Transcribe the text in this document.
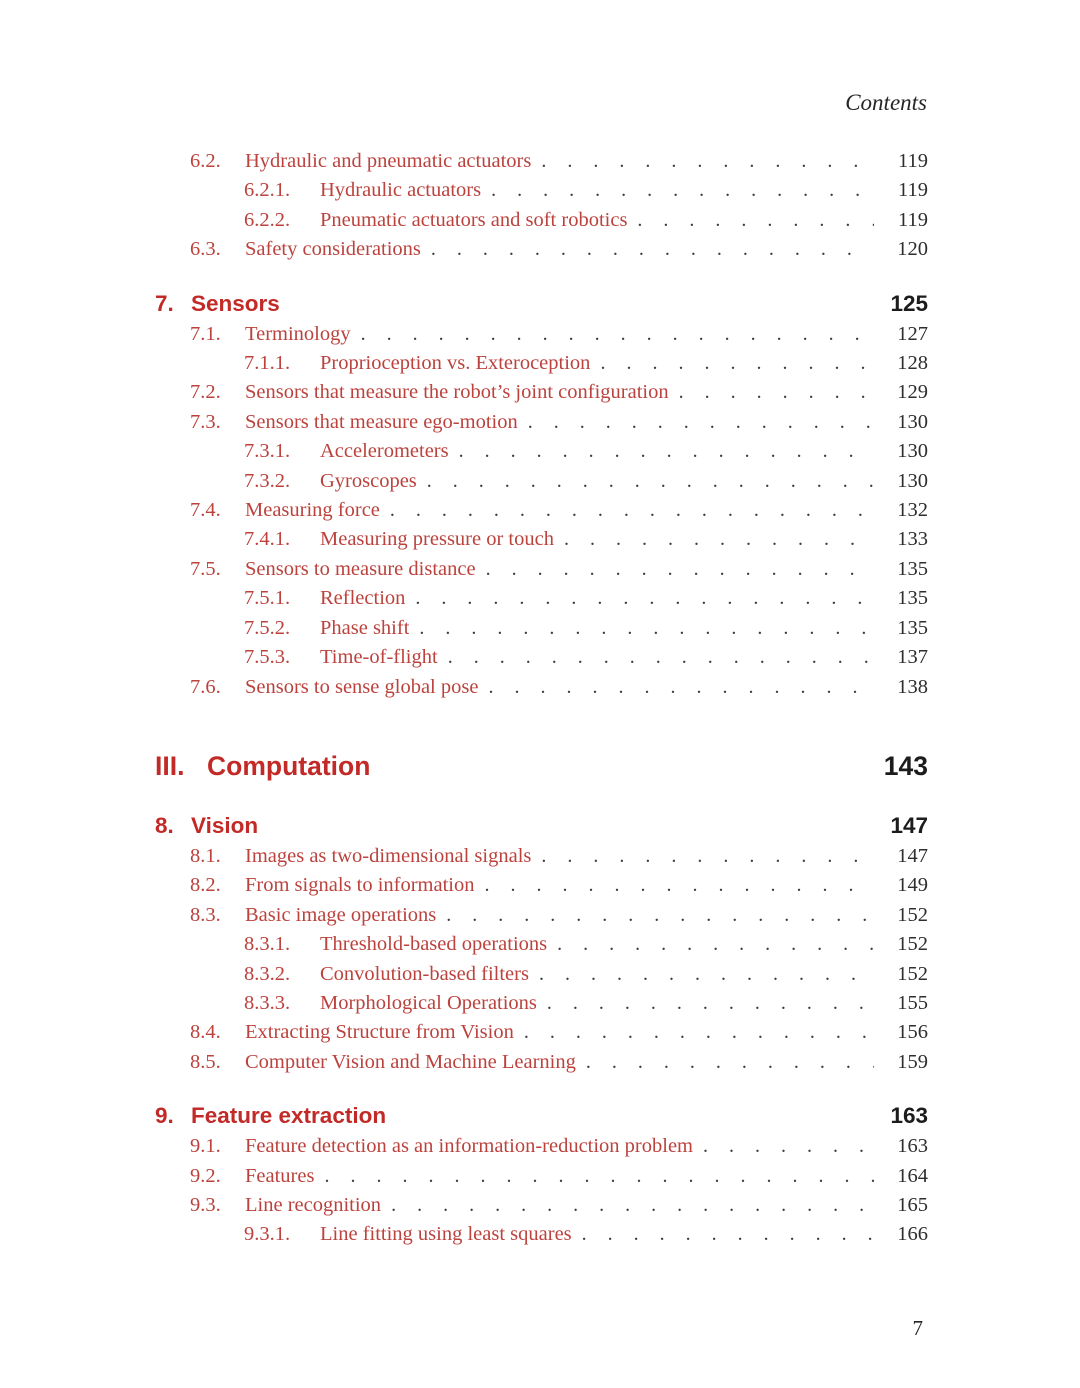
Contents
6.2.	Hydraulic and pneumatic actuators . . .	119
6.2.1.	Hydraulic actuators . . .	119
6.2.2.	Pneumatic actuators and soft robotics . . .	119
6.3.	Safety considerations . . .	120
7. Sensors	125
7.1.	Terminology . . .	127
7.1.1.	Proprioception vs. Exteroception . . .	128
7.2.	Sensors that measure the robot’s joint configuration . . .	129
7.3.	Sensors that measure ego-motion . . .	130
7.3.1.	Accelerometers . . .	130
7.3.2.	Gyroscopes . . .	130
7.4.	Measuring force . . .	132
7.4.1.	Measuring pressure or touch . . .	133
7.5.	Sensors to measure distance . . .	135
7.5.1.	Reflection . . .	135
7.5.2.	Phase shift . . .	135
7.5.3.	Time-of-flight . . .	137
7.6.	Sensors to sense global pose . . .	138
III. Computation	143
8. Vision	147
8.1.	Images as two-dimensional signals . . .	147
8.2.	From signals to information . . .	149
8.3.	Basic image operations . . .	152
8.3.1.	Threshold-based operations . . .	152
8.3.2.	Convolution-based filters . . .	152
8.3.3.	Morphological Operations . . .	155
8.4.	Extracting Structure from Vision . . .	156
8.5.	Computer Vision and Machine Learning . . .	159
9. Feature extraction	163
9.1.	Feature detection as an information-reduction problem . . .	163
9.2.	Features . . .	164
9.3.	Line recognition . . .	165
9.3.1.	Line fitting using least squares . . .	166
7
